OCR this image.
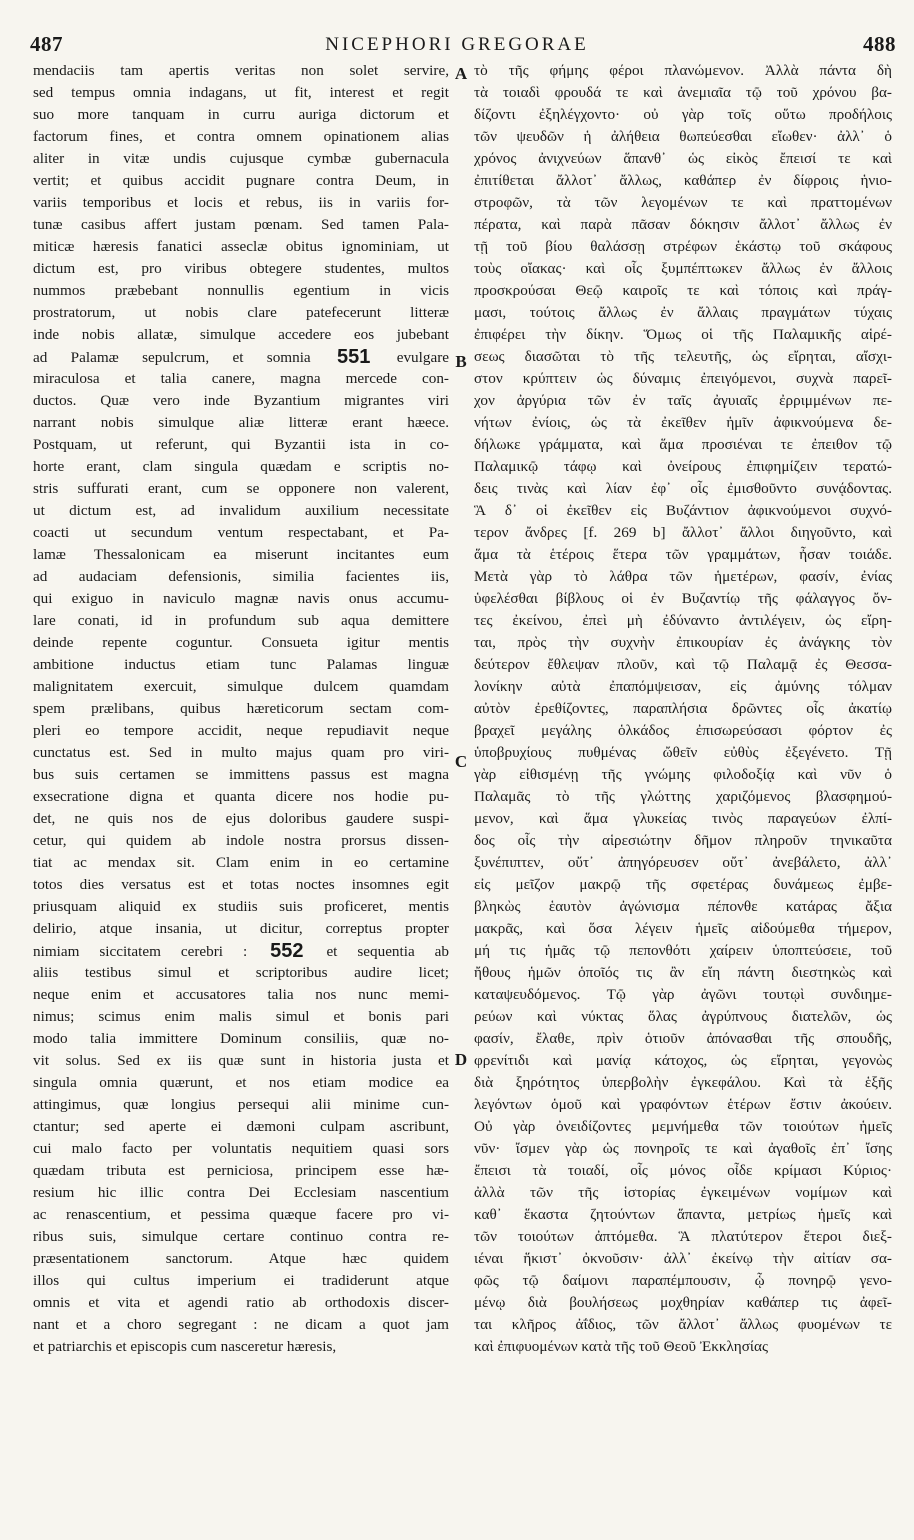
487	NICEPHORI GREGORAE	488
mendaciis tam apertis veritas non solet servire,
sed tempus omnia indagans, ut fit, interest et regit
suo more tanquam in curru auriga dictorum et
factorum fines, et contra omnem opinationem alias
aliter in vitæ undis cujusque cymbæ gubernacula
vertit; et quibus accidit pugnare contra Deum, in
variis temporibus et locis et rebus, iis in variis for-
tunæ casibus affert justam pœnam. Sed tamen Pala-
miticæ hæresis fanatici asseclæ obitus ignominiam, ut
dictum est, pro viribus obtegere studentes, multos
nummos præbebant nonnullis egentium in vicis
prostratorum, ut nobis clare patefecerunt litteræ
inde nobis allatæ, simulque accedere eos jubebant
ad Palamæ sepulcrum, et somnia 551 evulgare
miraculosa et talia canere, magna mercede con-
ductos. Quæ vero inde Byzantium migrantes viri
narrant nobis simulque aliæ litteræ erant hæece.
Postquam, ut referunt, qui Byzantii ista in co-
horte erant, clam singula quædam e scriptis no-
stris suffurati erant, cum se opponere non valerent,
ut dictum est, ad invalidum auxilium necessitate
coacti ut secundum ventum respectabant, et Pa-
lamæ Thessalonicam ea miserunt incitantes eum
ad audaciam defensionis, similia facientes iis,
qui exiguo in naviculo magnæ navis onus accumu-
lare conati, id in profundum sub aqua demittere
deinde repente coguntur. Consueta igitur mentis
ambitione inductus etiam tunc Palamas linguæ
malignitatem exercuit, simulque dulcem quamdam
spem prælibans, quibus hæreticorum sectam com-
pleri eo tempore accidit, neque repudiavit neque
cunctatus est. Sed in multo majus quam pro viri-
bus suis certamen se immittens passus est magna
exsecratione digna et quanta dicere nos hodie pu-
det, ne quis nos de ejus doloribus gaudere suspi-
cetur, qui quidem ab indole nostra prorsus dissen-
tiat ac mendax sit. Clam enim in eo certamine
totos dies versatus est et totas noctes insomnes egit
priusquam aliquid ex studiis suis proficeret, mentis
delirio, atque insania, ut dicitur, correptus propter
nimiam siccitatem cerebri : 552 et sequentia ab
aliis testibus simul et scriptoribus audire licet;
neque enim et accusatores talia nos nunc memi-
nimus; scimus enim malis simul et bonis pari
modo talia immittere Dominum consiliis, quæ no-
vit solus. Sed ex iis quæ sunt in historia justa et
singula omnia quærunt, et nos etiam modice ea
attingimus, quæ longius persequi alii minime cun-
ctantur; sed aperte ei dæmoni culpam ascribunt,
cui malo facto per voluntatis nequitiem quasi sors
quædam tributa est perniciosa, principem esse hæ-
resium hic illic contra Dei Ecclesiam nascentium
ac renascentium, et pessima quæque facere pro vi-
ribus suis, simulque certare continuo contra re-
præsentationem sanctorum. Atque hæc quidem
illos qui cultus imperium ei tradiderunt atque
omnis et vita et agendi ratio ab orthodoxis discer-
nant et a choro segregant : ne dicam a quot jam
et patriarchis et episcopis cum nasceretur hæresis,
τὸ τῆς φήμης φέροι πλανώμενον. Ἀλλὰ πάντα δὴ
τὰ τοιαδὶ φρουδά τε καὶ ἀνεμιαῖα τῷ τοῦ χρόνου βα-
δίζοντι ἐξηλέγχοντο· οὐ γὰρ τοῖς οὕτω προδήλοις
τῶν ψευδῶν ἡ ἀλήθεια θωπεύεσθαι εἴωθεν· ἀλλ᾽ ὁ
χρόνος ἀνιχνεύων ἅπανθ᾽ ὡς εἰκὸς ἔπεισί τε καὶ
ἐπιτίθεται ἄλλοτ᾽ ἄλλως, καθάπερ ἐν δίφροις ἡνιο-
στροφῶν, τὰ τῶν λεγομένων τε καὶ πραττομένων
πέρατα, καὶ παρὰ πᾶσαν δόκησιν ἄλλοτ᾽ ἄλλως ἐν
τῇ τοῦ βίου θαλάσσῃ στρέφων ἑκάστῳ τοῦ σκάφους
τοὺς οἴακας· καὶ οἷς ξυμπέπτωκεν ἄλλως ἐν ἄλλοις
προσκρούσαι Θεῷ καιροῖς τε καὶ τόποις καὶ πράγ-
μασι, τούτοις ἄλλως ἐν ἄλλαις πραγμάτων τύχαις
ἐπιφέρει τὴν δίκην. Ὅμως οἱ τῆς Παλαμικῆς αἱρέ-
σεως διασῶται τὸ τῆς τελευτῆς, ὡς εἴρηται, αἴσχι-
στον κρύπτειν ὡς δύναμις ἐπειγόμενοι, συχνὰ παρεῖ-
χον ἀργύρια τῶν ἐν ταῖς ἀγυιαῖς ἐρριμμένων πε-
νήτων ἐνίοις, ὡς τὰ ἐκεῖθεν ἡμῖν ἀφικνούμενα δε-
δήλωκε γράμματα, καὶ ἅμα προσιέναι τε ἐπειθον τῷ
Παλαμικῷ τάφῳ καὶ ὀνείρους ἐπιφημίζειν τερατώ-
δεις τινὰς καὶ λίαν ἐφ᾽ οἷς ἐμισθοῦντο συνᾴδοντας.
Ἃ δ᾽ οἱ ἐκεῖθεν εἰς Βυζάντιον ἀφικνούμενοι συχνό-
τερον ἄνδρες [f. 269 b] ἄλλοτ᾽ ἄλλοι διηγοῦντο, καὶ
ἅμα τὰ ἑτέροις ἕτερα τῶν γραμμάτων, ἦσαν τοιάδε.
Μετὰ γὰρ τὸ λάθρα τῶν ἡμετέρων, φασίν, ἐνίας
ὑφελέσθαι βίβλους οἱ ἐν Βυζαντίῳ τῆς φάλαγγος ὄν-
τες ἐκείνου, ἐπεὶ μὴ ἐδύναντο ἀντιλέγειν, ὡς εἴρη-
ται, πρὸς τὴν συχνὴν ἐπικουρίαν ἐς ἀνάγκης τὸν
δεύτερον ἔθλεψαν πλοῦν, καὶ τῷ Παλαμᾷ ἐς Θεσσα-
λονίκην αὐτὰ ἐπαπόμψεισαν, εἰς ἀμύνης τόλμαν
αὐτὸν ἐρεθίζοντες, παραπλήσια δρῶντες οἷς ἀκατίῳ
βραχεῖ μεγάλης ὁλκάδος ἐπισωρεύσασι φόρτον ἐς
ὑποβρυχίους πυθμένας ὤθεῖν εὐθὺς ἐξεγένετο. Τῇ
γὰρ εἰθισμένῃ τῆς γνώμης φιλοδοξίᾳ καὶ νῦν ὁ
Παλαμᾶς τὸ τῆς γλώττης χαριζόμενος βλασφημού-
μενον, καὶ ἅμα γλυκείας τινὸς παραγεύων ἐλπί-
δος οἷς τὴν αἱρεσιώτην δῆμον πληροῦν τηνικαῦτα
ξυνέπιπτεν, οὔτ᾽ ἀπηγόρευσεν οὔτ᾽ ἀνεβάλετο, ἀλλ᾽
εἰς μεῖζον μακρῷ τῆς σφετέρας δυνάμεως ἐμβε-
βληκὼς ἑαυτὸν ἀγώνισμα πέπονθε κατάρας ἄξια
μακρᾶς, καὶ ὅσα λέγειν ἡμεῖς αἰδούμεθα τήμερον,
μή τις ἡμᾶς τῷ πεπονθότι χαίρειν ὑποπτεύσειε, τοῦ
ἤθους ἡμῶν ὁποῖός τις ἂν εἴη πάντη διεστηκὼς καὶ
καταψευδόμενος. Τῷ γὰρ ἀγῶνι τουτῳὶ συνδιημε-
ρεύων καὶ νύκτας ὅλας ἀγρύπνους διατελῶν, ὡς
φασίν, ἔλαθε, πρὶν ὁτιοῦν ἀπόνασθαι τῆς σπουδῆς,
φρενίτιδι καὶ μανίᾳ κάτοχος, ὡς εἴρηται, γεγονὼς
διὰ ξηρότητος ὑπερβολὴν ἐγκεφάλου. Καὶ τὰ ἑξῆς
λεγόντων ὁμοῦ καὶ γραφόντων ἑτέρων ἔστιν ἀκούειν.
Οὐ γὰρ ὀνειδίζοντες μεμνήμεθα τῶν τοιούτων ἡμεῖς
νῦν· ἴσμεν γὰρ ὡς πονηροῖς τε καὶ ἀγαθοῖς ἐπ᾽ ἴσης
ἔπεισι τὰ τοιαδί, οἷς μόνος οἶδε κρίμασι Κύριος·
ἀλλὰ τῶν τῆς ἱστορίας ἐγκειμένων νομίμων καὶ
καθ᾽ ἕκαστα ζητούντων ἅπαντα, μετρίως ἡμεῖς καὶ
τῶν τοιούτων ἀπτόμεθα. Ἃ πλατύτερον ἕτεροι διεξ-
ιέναι ἥκιστ᾽ ὀκνοῦσιν· ἀλλ᾽ ἐκείνῳ τὴν αἰτίαν σα-
φῶς τῷ δαίμονι παραπέμπουσιν, ᾧ πονηρῷ γενο-
μένῳ διὰ βουλήσεως μοχθηρίαν καθάπερ τις ἀφεῖ-
ται κλῆρος ἀΐδιος, τῶν ἄλλοτ᾽ ἄλλως φυομένων τε
καὶ ἐπιφυομένων κατὰ τῆς τοῦ Θεοῦ Ἐκκλησίας
A
B
C
D
